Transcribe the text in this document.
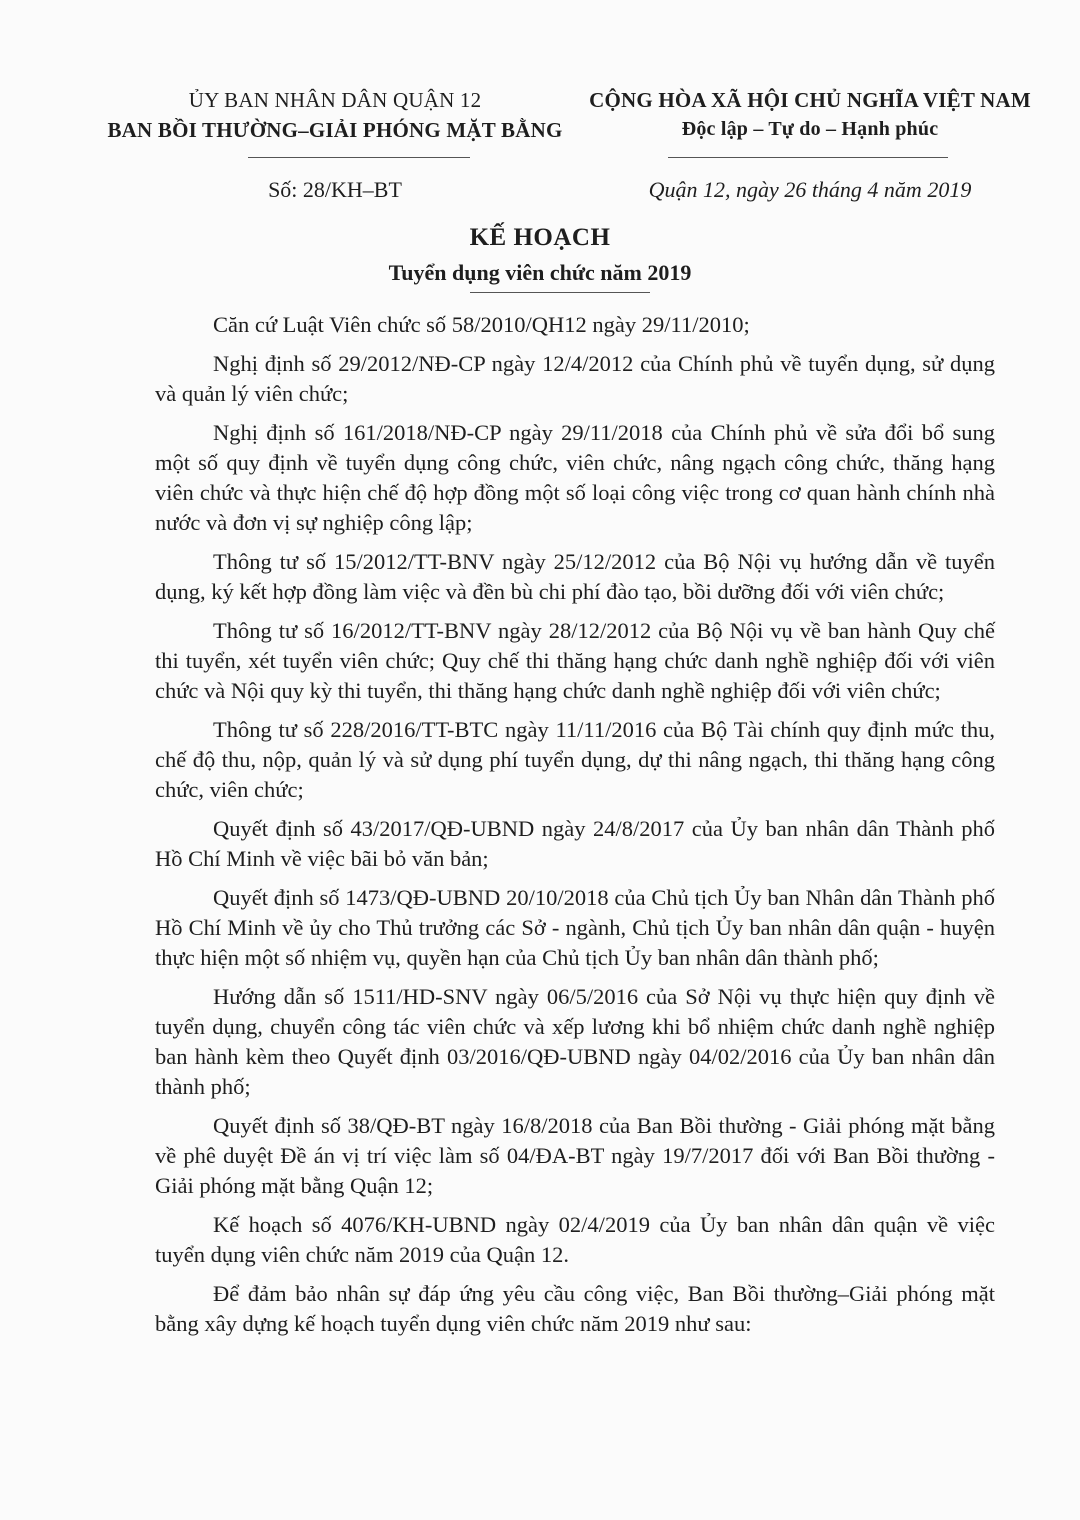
ỦY BAN NHÂN DÂN QUẬN 12
BAN BỒI THƯỜNG–GIẢI PHÓNG MẶT BẰNG
CỘNG HÒA XÃ HỘI CHỦ NGHĨA VIỆT NAM
Độc lập – Tự do – Hạnh phúc
Số: 28/KH–BT	Quận 12, ngày 26 tháng 4 năm 2019
KẾ HOẠCH
Tuyển dụng viên chức năm 2019

Căn cứ Luật Viên chức số 58/2010/QH12 ngày 29/11/2010;

Nghị định số 29/2012/NĐ-CP ngày 12/4/2012 của Chính phủ về tuyển dụng, sử dụng và quản lý viên chức;

Nghị định số 161/2018/NĐ-CP ngày 29/11/2018 của Chính phủ về sửa đổi bổ sung một số quy định về tuyển dụng công chức, viên chức, nâng ngạch công chức, thăng hạng viên chức và thực hiện chế độ hợp đồng một số loại công việc trong cơ quan hành chính nhà nước và đơn vị sự nghiệp công lập;

Thông tư số 15/2012/TT-BNV ngày 25/12/2012 của Bộ Nội vụ hướng dẫn về tuyển dụng, ký kết hợp đồng làm việc và đền bù chi phí đào tạo, bồi dưỡng đối với viên chức;

Thông tư số 16/2012/TT-BNV ngày 28/12/2012 của Bộ Nội vụ về ban hành Quy chế thi tuyển, xét tuyển viên chức; Quy chế thi thăng hạng chức danh nghề nghiệp đối với viên chức và Nội quy kỳ thi tuyển, thi thăng hạng chức danh nghề nghiệp đối với viên chức;

Thông tư số 228/2016/TT-BTC ngày 11/11/2016 của Bộ Tài chính quy định mức thu, chế độ thu, nộp, quản lý và sử dụng phí tuyển dụng, dự thi nâng ngạch, thi thăng hạng công chức, viên chức;

Quyết định số 43/2017/QĐ-UBND ngày 24/8/2017 của Ủy ban nhân dân Thành phố Hồ Chí Minh về việc bãi bỏ văn bản;

Quyết định số 1473/QĐ-UBND 20/10/2018 của Chủ tịch Ủy ban Nhân dân Thành phố Hồ Chí Minh về ủy cho Thủ trưởng các Sở - ngành, Chủ tịch Ủy ban nhân dân quận - huyện thực hiện một số nhiệm vụ, quyền hạn của Chủ tịch Ủy ban nhân dân thành phố;

Hướng dẫn số 1511/HD-SNV ngày 06/5/2016 của Sở Nội vụ thực hiện quy định về tuyển dụng, chuyển công tác viên chức và xếp lương khi bổ nhiệm chức danh nghề nghiệp ban hành kèm theo Quyết định 03/2016/QĐ-UBND ngày 04/02/2016 của Ủy ban nhân dân thành phố;

Quyết định số 38/QĐ-BT ngày 16/8/2018 của Ban Bồi thường - Giải phóng mặt bằng về phê duyệt Đề án vị trí việc làm số 04/ĐA-BT ngày 19/7/2017 đối với Ban Bồi thường - Giải phóng mặt bằng Quận 12;

Kế hoạch số 4076/KH-UBND ngày 02/4/2019 của Ủy ban nhân dân quận về việc tuyển dụng viên chức năm 2019 của Quận 12.

Để đảm bảo nhân sự đáp ứng yêu cầu công việc, Ban Bồi thường–Giải phóng mặt bằng xây dựng kế hoạch tuyển dụng viên chức năm 2019 như sau:
